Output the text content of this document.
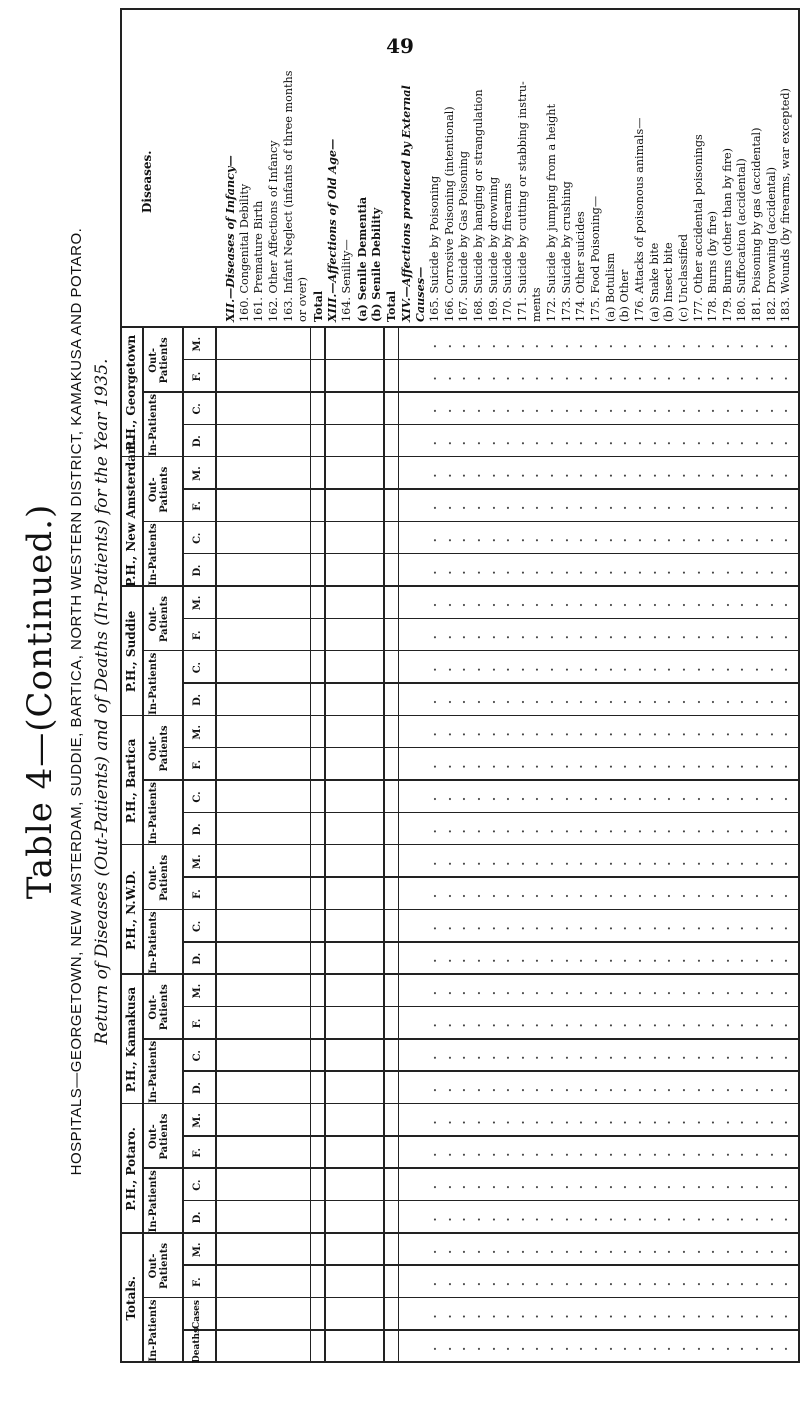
49
Table 4—(Continued.) HOSPITALS—GEORGETOWN, NEW AMSTERDAM, SUDDIE, BARTICA, NORTH WESTERN DISTRICT, KAMAKUSA AND POTARO. Return of Diseases (Out-Patients) and of Deaths (In-Patients) for the Year 1935.
Diseases.
P.H., Georgetown Out-Patients
In-Patients
M.
F.
C.
D.
P.H., New Amsterdam. Out-Patients
In-Patients
M.
F.
C.
D.
P.H., Suddie Out-Patients
In-Patients
M.
F.
C.
D.
P.H., Bartica Out-Patients
In-Patients
M.
F.
C.
D.
P.H., N.W.D. Out-Patients
In-Patients
M.
F.
C.
D.
P.H., Kamakusa Out-Patients
In-Patients
M.
F.
C.
D.
P.H., Potaro. Out-Patients
In-Patients
M.
F.
C.
D.
Totals.
Out-Patients
In-Patients
M.
F.
Cases
Deaths
XII.—Diseases of Infancy— 160. Congenital Debility 161. Premature Birth 162. Other Affections of Infancy 163. Infant Neglect (infants of three months or over) Total XIII.—Affections of Old Age— 164. Senility— (a) Senile Dementia (b) Senile Debility Total XIV.—Affections produced by External Causes— 165. Suicide by Poisoning 166. Corrosive Poisoning (intentional) 167. Suicide by Gas Poisoning 168. Suicide by hanging or strangulation 169. Suicide by drowning 170. Suicide by firearms 171. Suicide by cutting or stabbing instru- ments 172. Suicide by jumping from a height 173. Suicide by crushing 174. Other suicides 175. Food Poisoning— (a) Botulism (b) Other 176. Attacks of poisonous animals— (a) Snake bite (b) Insect bite (c) Unclassified 177. Other accidental poisonings 178. Burns (by fire) 179. Burns (other than by fire) 180. Suffocation (accidental) 181. Poisoning by gas (accidental) 182. Drowning (accidental) 183. Wounds (by firearms, war excepted)
·
·
·
·
·
·
·
·
·
·
·
·
·
·
·
·
·
·
·
·
·
·
·
·
·
·
·
·
·
·
·
·
·
·
·
·
·
·
·
·
·
·
·
·
·
·
·
·
·
·
·
·
·
·
·
·
·
·
·
·
·
·
·
·
·
·
·
·
·
·
·
·
·
·
·
·
·
·
·
·
·
·
·
·
·
·
·
·
·
·
·
·
·
·
·
·
·
·
·
·
·
·
·
·
·
·
·
·
·
·
·
·
·
·
·
·
·
·
·
·
·
·
·
·
·
·
·
·
·
·
·
·
·
·
·
·
·
·
·
·
·
·
·
·
·
·
·
·
·
·
·
·
·
·
·
·
·
·
·
·
·
·
·
·
·
·
·
·
·
·
·
·
·
·
·
·
·
·
·
·
·
·
·
·
·
·
·
·
·
·
·
·
·
·
·
·
·
·
·
·
·
·
·
·
·
·
·
·
·
·
·
·
·
·
·
·
·
·
·
·
·
·
·
·
·
·
·
·
·
·
·
·
·
·
·
·
·
·
·
·
·
·
·
·
·
·
·
·
·
·
·
·
·
·
·
·
·
·
·
·
·
·
·
·
·
·
·
·
·
·
·
·
·
·
·
·
·
·
·
·
·
·
·
·
·
·
·
·
·
·
·
·
·
·
·
·
·
·
·
·
·
·
·
·
·
·
·
·
·
·
·
·
·
·
·
·
·
·
·
·
·
·
·
·
·
·
·
·
·
·
·
·
·
·
·
·
·
·
·
·
·
·
·
·
·
·
·
·
·
·
·
·
·
·
·
·
·
·
·
·
·
·
·
·
·
·
·
·
·
·
·
·
·
·
·
·
·
·
·
·
·
·
·
·
·
·
·
·
·
·
·
·
·
·
·
·
·
·
·
·
·
·
·
·
·
·
·
·
·
·
·
·
·
·
·
·
·
·
·
·
·
·
·
·
·
·
·
·
·
·
·
·
·
·
·
·
·
·
·
·
·
·
·
·
·
·
·
·
·
·
·
·
·
·
·
·
·
·
·
·
·
·
·
·
·
·
·
·
·
·
·
·
·
·
·
·
·
·
·
·
·
·
·
·
·
·
·
·
·
·
·
·
·
·
·
·
·
·
·
·
·
·
·
·
·
·
·
·
·
·
·
·
·
·
·
·
·
·
·
·
·
·
·
·
·
·
·
·
·
·
·
·
·
·
·
·
·
·
·
·
·
·
·
·
·
·
·
·
·
·
·
·
·
·
·
·
·
·
·
·
·
·
·
·
·
·
·
·
·
·
·
·
·
·
·
·
·
·
·
·
·
·
·
·
·
·
·
·
·
·
·
·
·
·
·
·
·
·
·
·
·
·
·
·
·
·
·
·
·
·
·
·
·
·
·
·
·
·
·
·
·
·
·
·
·
·
·
·
·
·
·
·
·
·
·
·
·
·
·
·
·
·
·
·
·
·
·
·
·
·
·
·
·
·
·
·
·
·
·
·
·
·
·
·
·
·
·
·
·
·
·
·
·
·
·
·
·
·
·
·
·
·
·
·
·
·
·
·
·
·
·
·
·
·
·
·
·
·
·
·
·
·
·
·
·
·
·
·
·
·
·
·
·
·
·
·
·
·
·
·
·
·
·
·
·
·
·
·
·
·
·
·
·
·
·
·
·
·
·
·
·
·
·
·
·
·
·
·
·
·
·
·
·
·
·
·
·
·
·
·
·
·
·
·
·
·
·
·
·
·
·
·
·
·
·
·
·
·
·
·
·
·
·
·
·
·
·
·
·
·
·
·
·
·
·
·
·
·
·
·
